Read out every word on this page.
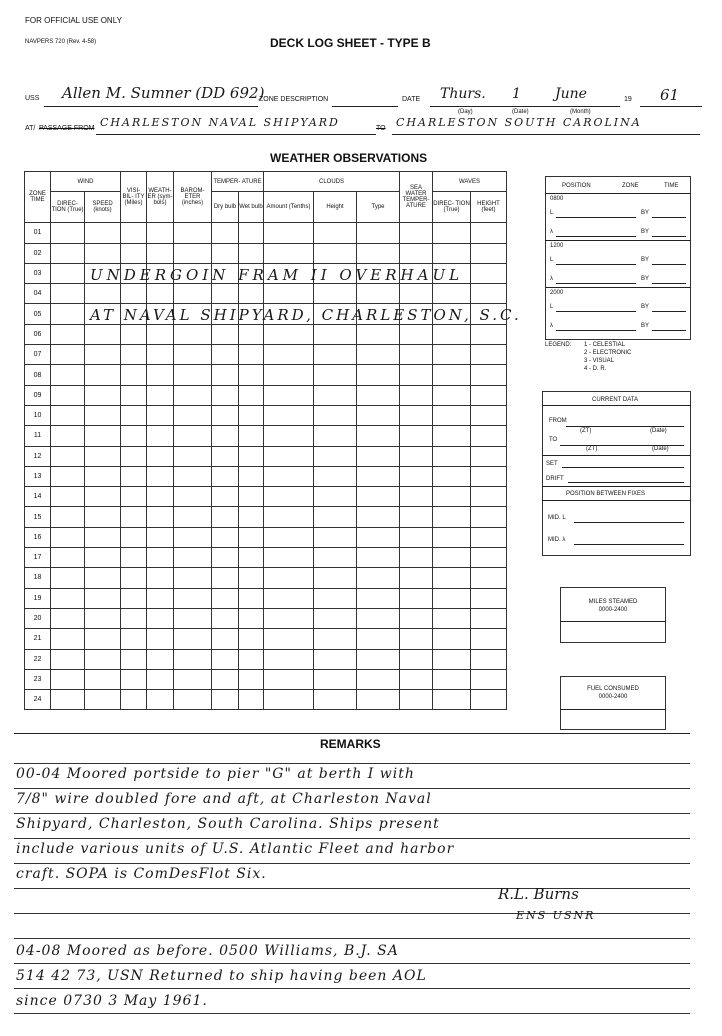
FOR OFFICIAL USE ONLY
NAVPERS 720 (Rev. 4-58)	DECK LOG SHEET - TYPE B
USS Allen M. Sumner (DD 692)
ZONE DESCRIPTION	DATE Thurs. 1 June	19 61
(Day)	(Date)	(Month)
AT/ PASSAGE FROM CHARLESTON NAVAL SHIPYARD	TO CHARLESTON SOUTH CAROLINA
WEATHER OBSERVATIONS
ZONE TIME	WIND		VISI- BIL- ITY (Miles)	WEATH- ER (sym- bols)	BAROM- ETER (inches)	TEMPER- ATURE		CLOUDS			SEA WATER TEMPER- ATURE	WAVES	
	DIREC- TION (True)	SPEED (knots)				Dry bulb	Wet bulb	Amount (Tenths)	Height	Type		DIREC- TION (True)	HEIGHT (feet)
01													
02													
03													
04													
05													
06													
07													
08													
09													
10													
11													
12													
13													
14													
15													
16													
17													
18													
19													
20													
21													
22													
23													
24													
UNDERGOIN FRAM II OVERHAUL
AT NAVAL SHIPYARD, CHARLESTON, S.C.
POSITION	ZONE	TIME
0800
L	BY
λ	BY
1200
L	BY
λ	BY
2000
L	BY
λ	BY
LEGEND: 1 - CELESTIAL
2 - ELECTRONIC
3 - VISUAL
4 - D. R.
CURRENT DATA
FROM
(ZT)	(Date)
TO
(ZT)	(Date)
SET
DRIFT
POSITION BETWEEN FIXES
MID. L
MID. λ
MILES STEAMED
0000-2400
FUEL CONSUMED
0000-2400
REMARKS
00-04 Moored portside to pier "G" at berth I with
7/8" wire doubled fore and aft, at Charleston Naval
Shipyard, Charleston, South Carolina. Ships present
include various units of U.S. Atlantic Fleet and harbor
craft. SOPA is ComDesFlot Six.
R.L. Burns
ENS USNR
04-08 Moored as before. 0500 Williams, B.J. SA
514 42 73, USN Returned to ship having been AOL
since 0730 3 May 1961.
